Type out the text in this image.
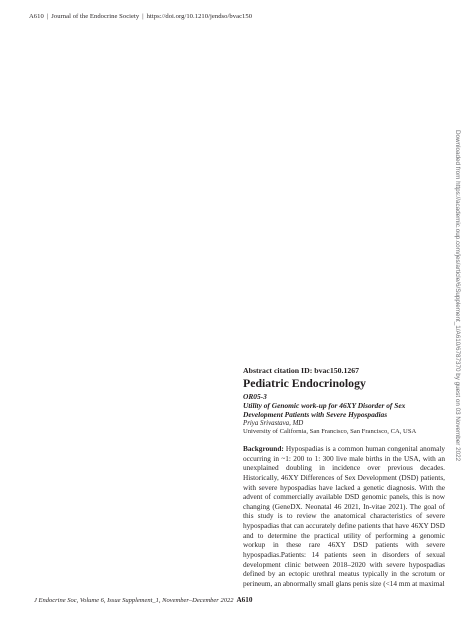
A610 | Journal of the Endocrine Society | https://doi.org/10.1210/jendso/bvac150
Downloaded from https://academic.oup.com/jes/article/6/Supplement_1/A610/6787370 by guest on 03 November 2022

Abstract citation ID: bvac150.1267

Pediatric Endocrinology

OR05-3

Utility of Genomic work-up for 46XY Disorder of Sex Development Patients with Severe Hypospadias

Priya Srivastava, MD

University of California, San Francisco, San Francisco, CA, USA

Background: Hypospadias is a common human congenital anomaly occurring in ~1: 200 to 1: 300 live male births in the USA, with an unexplained doubling in incidence over previous decades. Historically, 46XY Differences of Sex Development (DSD) patients, with severe hypospadias have lacked a genetic diagnosis. With the advent of commercially available DSD genomic panels, this is now changing (GeneDX. Neonatal 46 2021, In-vitae 2021). The goal of this study is to review the anatomical characteristics of severe hypospadias that can accurately define patients that have 46XY DSD and to determine the practical utility of performing a genomic workup in these rare 46XY DSD patients with severe hypospadias.Patients: 14 patients seen in disorders of sexual development clinic between 2018–2020 with severe hypospadias defined by an ectopic urethral meatus typically in the scrotum or perineum, an abnormally small glans penis size (<14 mm at maximal

J Endocrine Soc, Volume 6, Issue Supplement_1, November–December 2022 A610
